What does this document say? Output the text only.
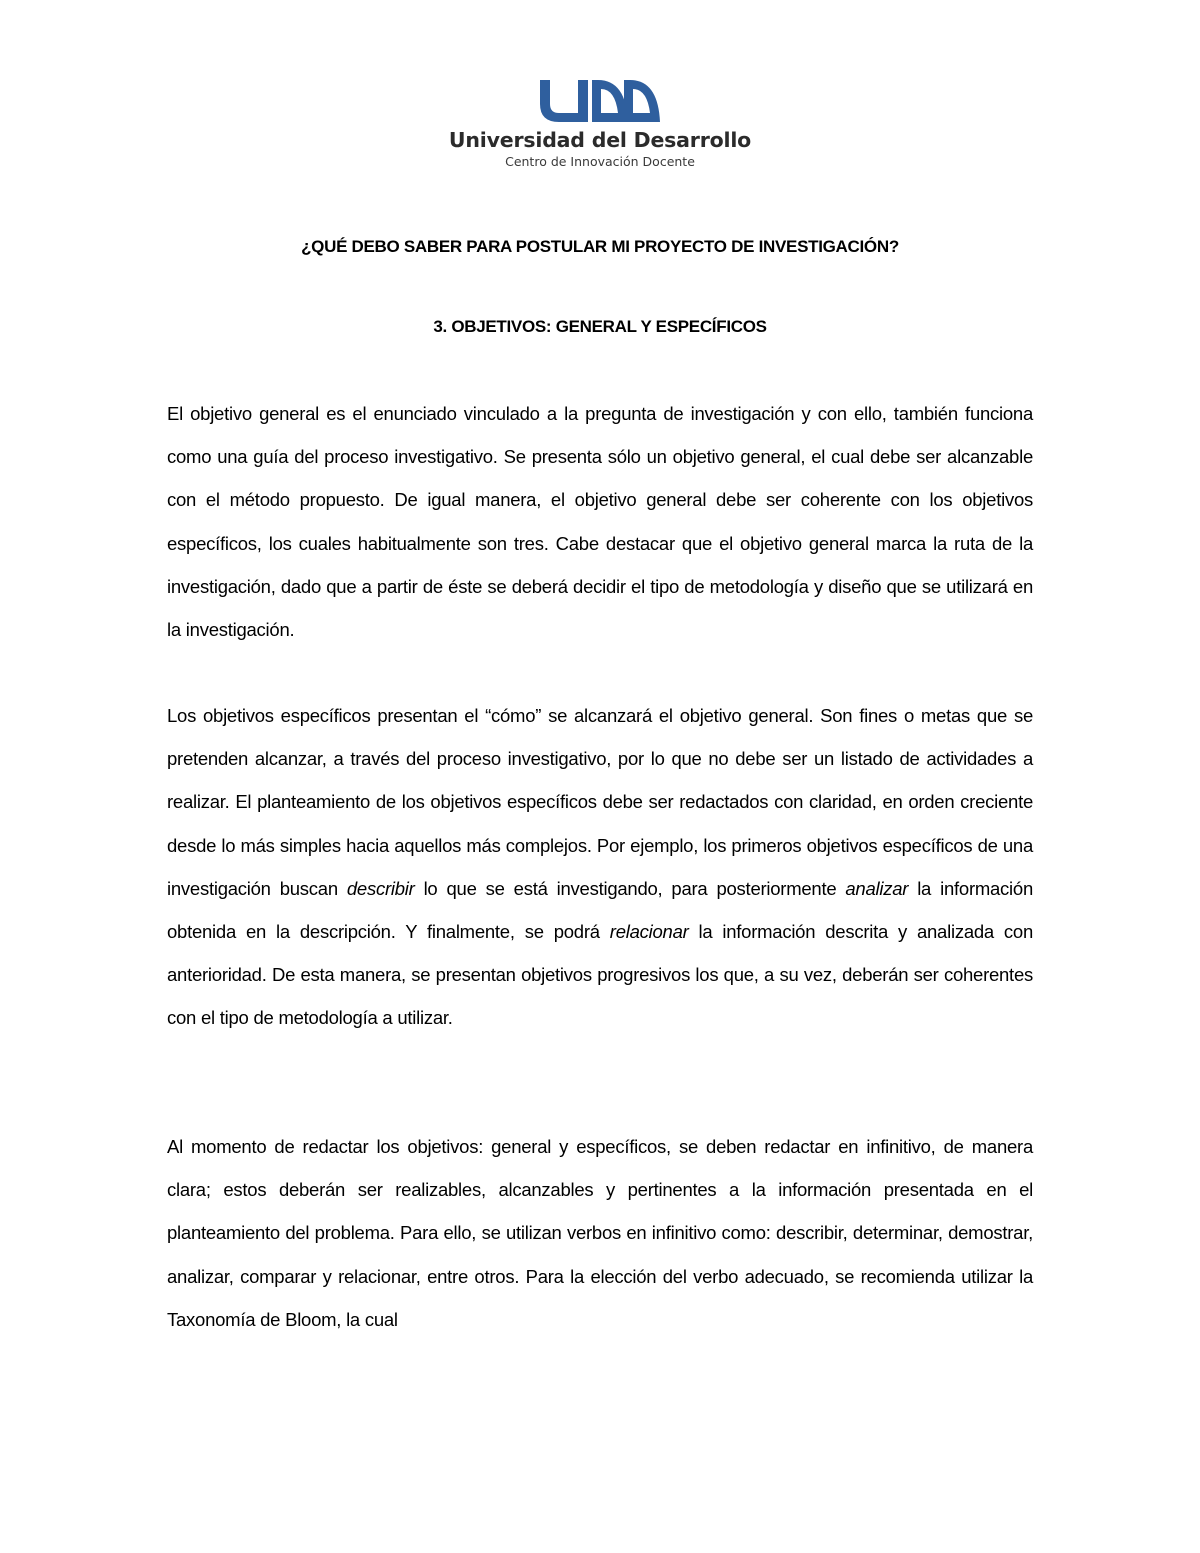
Universidad del Desarrollo
Centro de Innovación Docente
¿QUÉ DEBO SABER PARA POSTULAR MI PROYECTO DE INVESTIGACIÓN?
3. OBJETIVOS: GENERAL Y ESPECÍFICOS

El objetivo general es el enunciado vinculado a la pregunta de investigación y con ello, también funciona como una guía del proceso investigativo. Se presenta sólo un objetivo general, el cual debe ser alcanzable con el método propuesto. De igual manera, el objetivo general debe ser coherente con los objetivos específicos, los cuales habitualmente son tres. Cabe destacar que el objetivo general marca la ruta de la investigación, dado que a partir de éste se deberá decidir el tipo de metodología y diseño que se utilizará en la investigación.

Los objetivos específicos presentan el “cómo” se alcanzará el objetivo general. Son fines o metas que se pretenden alcanzar, a través del proceso investigativo, por lo que no debe ser un listado de actividades a realizar. El planteamiento de los objetivos específicos debe ser redactados con claridad, en orden creciente desde lo más simples hacia aquellos más complejos. Por ejemplo, los primeros objetivos específicos de una investigación buscan describir lo que se está investigando, para posteriormente analizar la información obtenida en la descripción. Y finalmente, se podrá relacionar la información descrita y analizada con anterioridad. De esta manera, se presentan objetivos progresivos los que, a su vez, deberán ser coherentes con el tipo de metodología a utilizar.

Al momento de redactar los objetivos: general y específicos, se deben redactar en infinitivo, de manera clara; estos deberán ser realizables, alcanzables y pertinentes a la información presentada en el planteamiento del problema. Para ello, se utilizan verbos en infinitivo como: describir, determinar, demostrar, analizar, comparar y relacionar, entre otros. Para la elección del verbo adecuado, se recomienda utilizar la Taxonomía de Bloom, la cual
